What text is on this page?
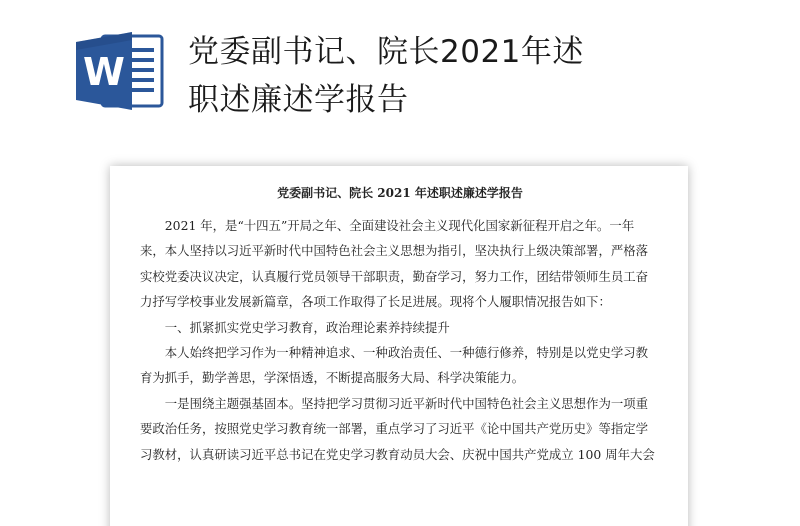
W 党委副书记、院长2021年述
职述廉述学报告
党委副书记、院长 2021 年述职述廉述学报告

2021 年，是“十四五”开局之年、全面建设社会主义现代化国家新征程开启之年。一年
来，本人坚持以习近平新时代中国特色社会主义思想为指引，坚决执行上级决策部署，严格落
实校党委决议决定，认真履行党员领导干部职责，勤奋学习，努力工作，团结带领师生员工奋
力抒写学校事业发展新篇章，各项工作取得了长足进展。现将个人履职情况报告如下：

一、抓紧抓实党史学习教育，政治理论素养持续提升

本人始终把学习作为一种精神追求、一种政治责任、一种德行修养，特别是以党史学习教
育为抓手，勤学善思，学深悟透，不断提高服务大局、科学决策能力。

一是围绕主题强基固本。坚持把学习贯彻习近平新时代中国特色社会主义思想作为一项重
要政治任务，按照党史学习教育统一部署，重点学习了习近平《论中国共产党历史》等指定学
习教材，认真研读习近平总书记在党史学习教育动员大会、庆祝中国共产党成立 100 周年大会
